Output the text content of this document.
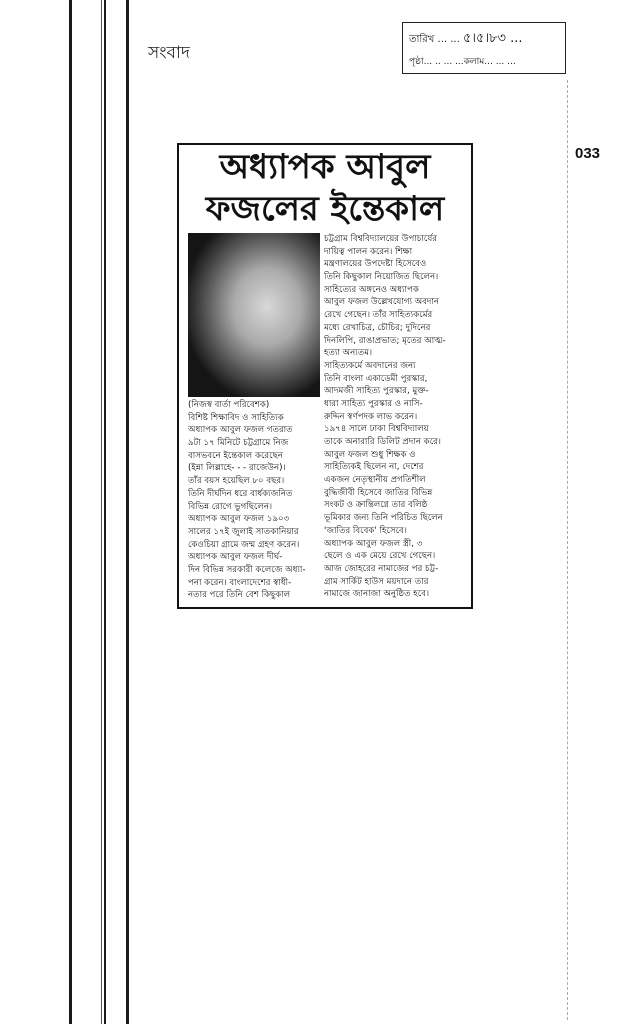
সংবাদ
তারিখ ... ... ৫।৫।৮৩ ...
পৃষ্ঠা... .. ... ...কলাম... ... ...
033
অধ্যাপক আবুল
ফজলের ইন্তেকাল
(নিজস্ব বার্তা পরিবেশক)
বিশিষ্ট শিক্ষাবিদ ও সাহিত্যিক
অধ্যাপক আবুল ফজল গতরাত
৯টা ১৭ মিনিটে চট্টগ্রামে নিজ
বাসভবনে ইন্তেকাল করেছেন
(ইন্না লিল্লাহে- - - রাজেউন)।
তাঁর বয়স হয়েছিল ৮০ বছর।
তিনি দীর্ঘদিন ধরে বার্ধক্যজনিত
বিভিন্ন রোগে ভুগছিলেন।
অধ্যাপক আবুল ফজল ১৯০৩
সালের ১৭ই জুলাই সাতকানিয়ার
কেওচিয়া গ্রামে জন্ম গ্রহণ করেন।
অধ্যাপক আবুল ফজল দীর্ঘ-
দিন বিভিন্ন সরকারী কলেজে অধ্যা-
পনা করেন। বাংলাদেশের স্বাধী-
নতার পরে তিনি বেশ কিছুকাল
চট্টগ্রাম বিশ্ববিদ্যালয়ের উপাচার্যের
দায়িত্ব পালন করেন। শিক্ষা
মন্ত্রণালয়ের উপদেষ্টা হিসেবেও
তিনি কিছুকাল নিয়োজিত ছিলেন।
সাহিত্যের অঙ্গনেও অধ্যাপক
আবুল ফজল উল্লেখযোগ্য অবদান
রেখে গেছেন। তাঁর সাহিত্যকর্মের
মধ্যে রেখাচিত্র, চৌচির; দুদিনের
দিনলিপি, রাঙাপ্রভাত; মৃতের আত্ম-
হত্যা অন্যতম।
সাহিত্যকর্মে অবদানের জন্য
তিনি বাংলা একাডেমী পুরস্কার,
আদমজী সাহিত্য পুরস্কার, মুক্ত-
ধারা সাহিত্য পুরস্কার ও নাসি-
রুদ্দিন স্বর্ণপদক লাভ করেন।
১৯৭৪ সালে ঢাকা বিশ্ববিদ্যালয়
তাকে অনারারি ডিলিট প্রদান করে।
আবুল ফজল শুধু শিক্ষক ও
সাহিত্যিকই ছিলেন না, দেশের
একজন নেতৃস্থানীয় প্রগতিশীল
বুদ্ধিজীবী হিসেবে জাতির বিভিন্ন
সংকট ও ক্রান্তিলগ্নে তার বলিষ্ঠ
ভূমিকার জন্য তিনি পরিচিত ছিলেন
'জাতির বিবেক' হিসেবে।
অধ্যাপক আবুল ফজল স্ত্রী, ৩
ছেলে ও এক মেয়ে রেখে গেছেন।
আজ জোহরের নামাজের পর চট্ট-
গ্রাম সার্কিট হাউস ময়দানে তার
নামাজে জানাজা অনুষ্ঠিত হবে।
